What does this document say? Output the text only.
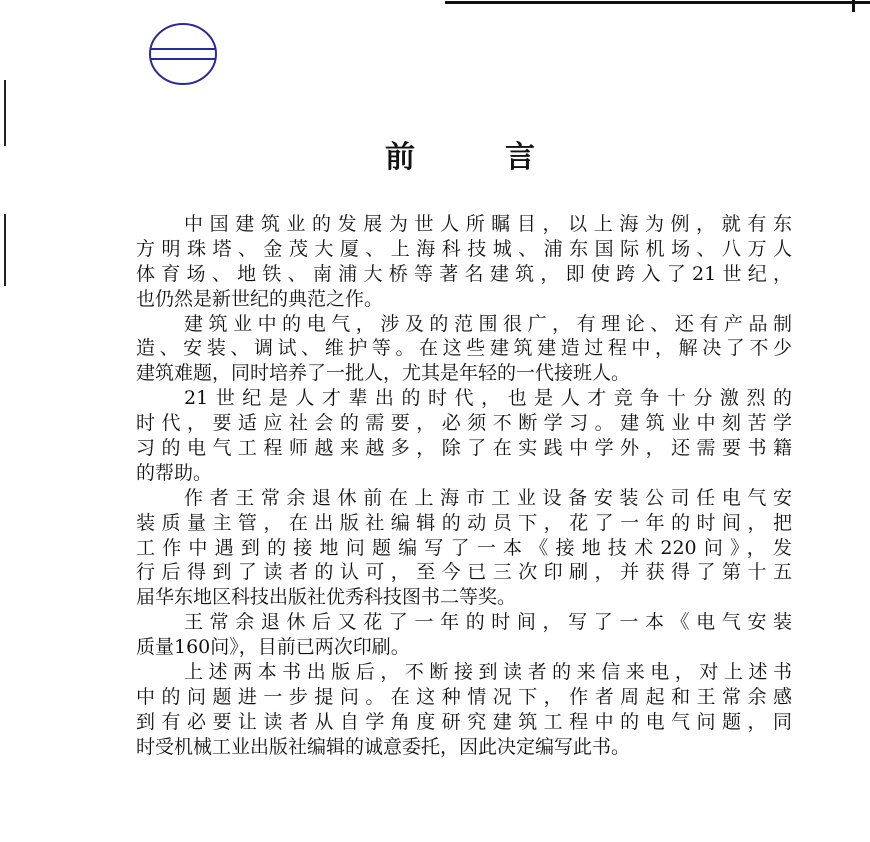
前	言
中国建筑业的发展为世人所瞩目，以上海为例，就有东
方明珠塔、金茂大厦、上海科技城、浦东国际机场、八万人
体育场、地铁、南浦大桥等著名建筑，即使跨入了21世纪，
也仍然是新世纪的典范之作。
建筑业中的电气，涉及的范围很广，有理论、还有产品制
造、安装、调试、维护等。在这些建筑建造过程中，解决了不少
建筑难题，同时培养了一批人，尤其是年轻的一代接班人。
21世纪是人才辈出的时代，也是人才竞争十分激烈的
时代，要适应社会的需要，必须不断学习。建筑业中刻苦学
习的电气工程师越来越多，除了在实践中学外，还需要书籍
的帮助。
作者王常余退休前在上海市工业设备安装公司任电气安
装质量主管，在出版社编辑的动员下，花了一年的时间，把
工作中遇到的接地问题编写了一本《接地技术220问》，发
行后得到了读者的认可，至今已三次印刷，并获得了第十五
届华东地区科技出版社优秀科技图书二等奖。
王常余退休后又花了一年的时间，写了一本《电气安装
质量160问》，目前已两次印刷。
上述两本书出版后，不断接到读者的来信来电，对上述书
中的问题进一步提问。在这种情况下，作者周起和王常余感
到有必要让读者从自学角度研究建筑工程中的电气问题，同
时受机械工业出版社编辑的诚意委托，因此决定编写此书。
